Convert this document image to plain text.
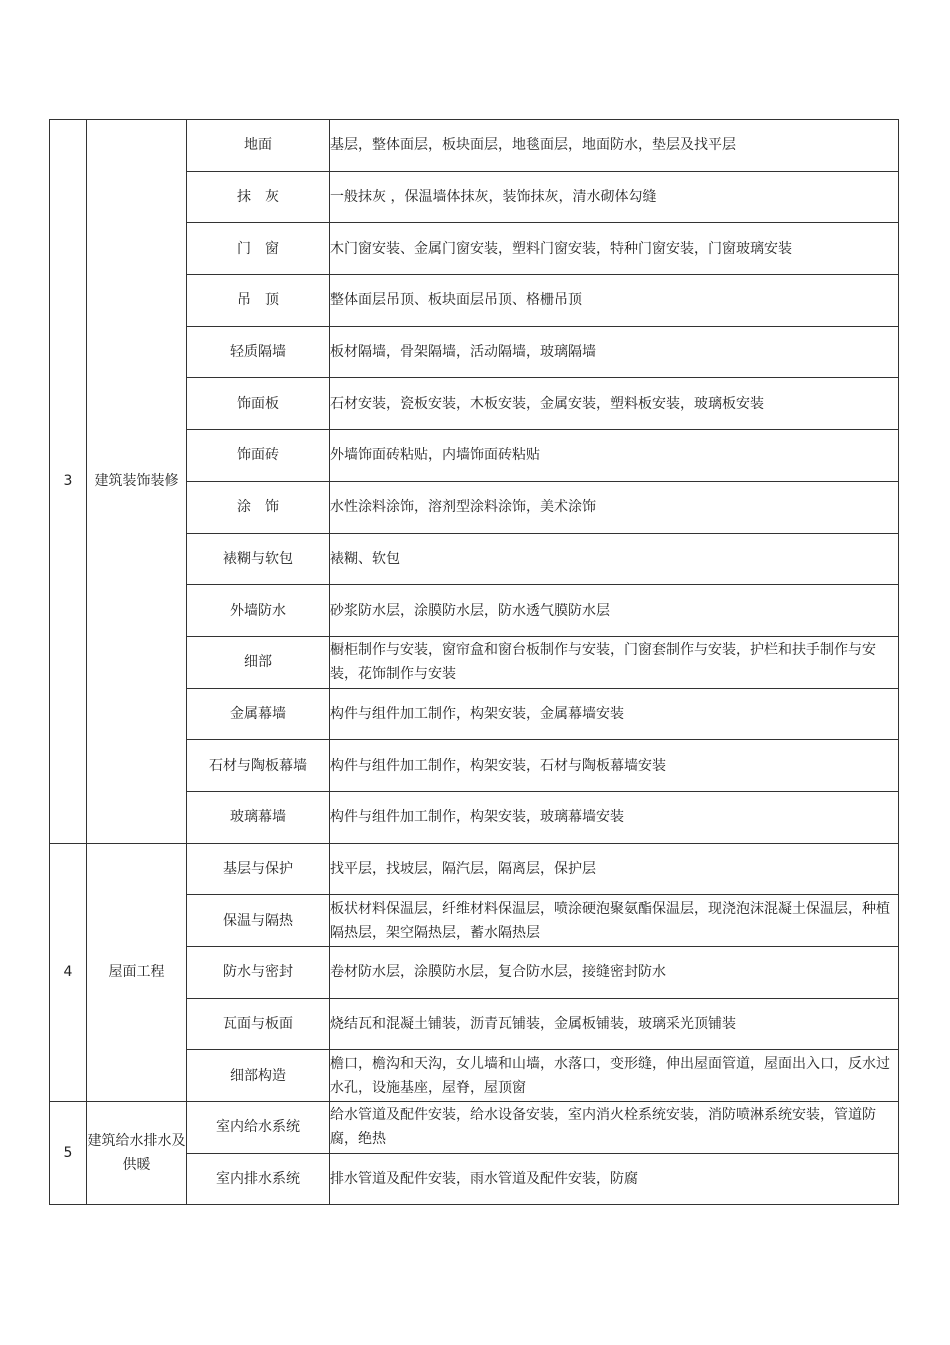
3	建筑装饰装修	地面	基层，整体面层，板块面层，地毯面层，地面防水，垫层及找平层
		抹　灰	一般抹灰 ，保温墙体抹灰，装饰抹灰，清水砌体勾缝
		门　窗	木门窗安装、金属门窗安装，塑料门窗安装，特种门窗安装，门窗玻璃安装
		吊　顶	整体面层吊顶、板块面层吊顶、格栅吊顶
		轻质隔墙	板材隔墙，骨架隔墙，活动隔墙，玻璃隔墙
		饰面板	石材安装，瓷板安装，木板安装，金属安装，塑料板安装，玻璃板安装
		饰面砖	外墙饰面砖粘贴，内墙饰面砖粘贴
		涂　饰	水性涂料涂饰，溶剂型涂料涂饰，美术涂饰
		裱糊与软包	裱糊、软包
		外墙防水	砂浆防水层，涂膜防水层，防水透气膜防水层
		细部	橱柜制作与安装，窗帘盒和窗台板制作与安装，门窗套制作与安装，护栏和扶手制作与安装，花饰制作与安装
		金属幕墙	构件与组件加工制作，构架安装，金属幕墙安装
		石材与陶板幕墙	构件与组件加工制作，构架安装，石材与陶板幕墙安装
		玻璃幕墙	构件与组件加工制作，构架安装，玻璃幕墙安装
4	屋面工程	基层与保护	找平层，找坡层，隔汽层，隔离层，保护层
		保温与隔热	板状材料保温层，纤维材料保温层，喷涂硬泡聚氨酯保温层，现浇泡沫混凝土保温层，种植隔热层，架空隔热层，蓄水隔热层
		防水与密封	卷材防水层，涂膜防水层，复合防水层，接缝密封防水
		瓦面与板面	烧结瓦和混凝土铺装，沥青瓦铺装，金属板铺装，玻璃采光顶铺装
		细部构造	檐口，檐沟和天沟，女儿墙和山墙，水落口，变形缝，伸出屋面管道，屋面出入口，反水过水孔，设施基座，屋脊，屋顶窗
5	建筑给水排水及供暖	室内给水系统	给水管道及配件安装，给水设备安装，室内消火栓系统安装，消防喷淋系统安装，管道防腐，绝热
		室内排水系统	排水管道及配件安装，雨水管道及配件安装，防腐
